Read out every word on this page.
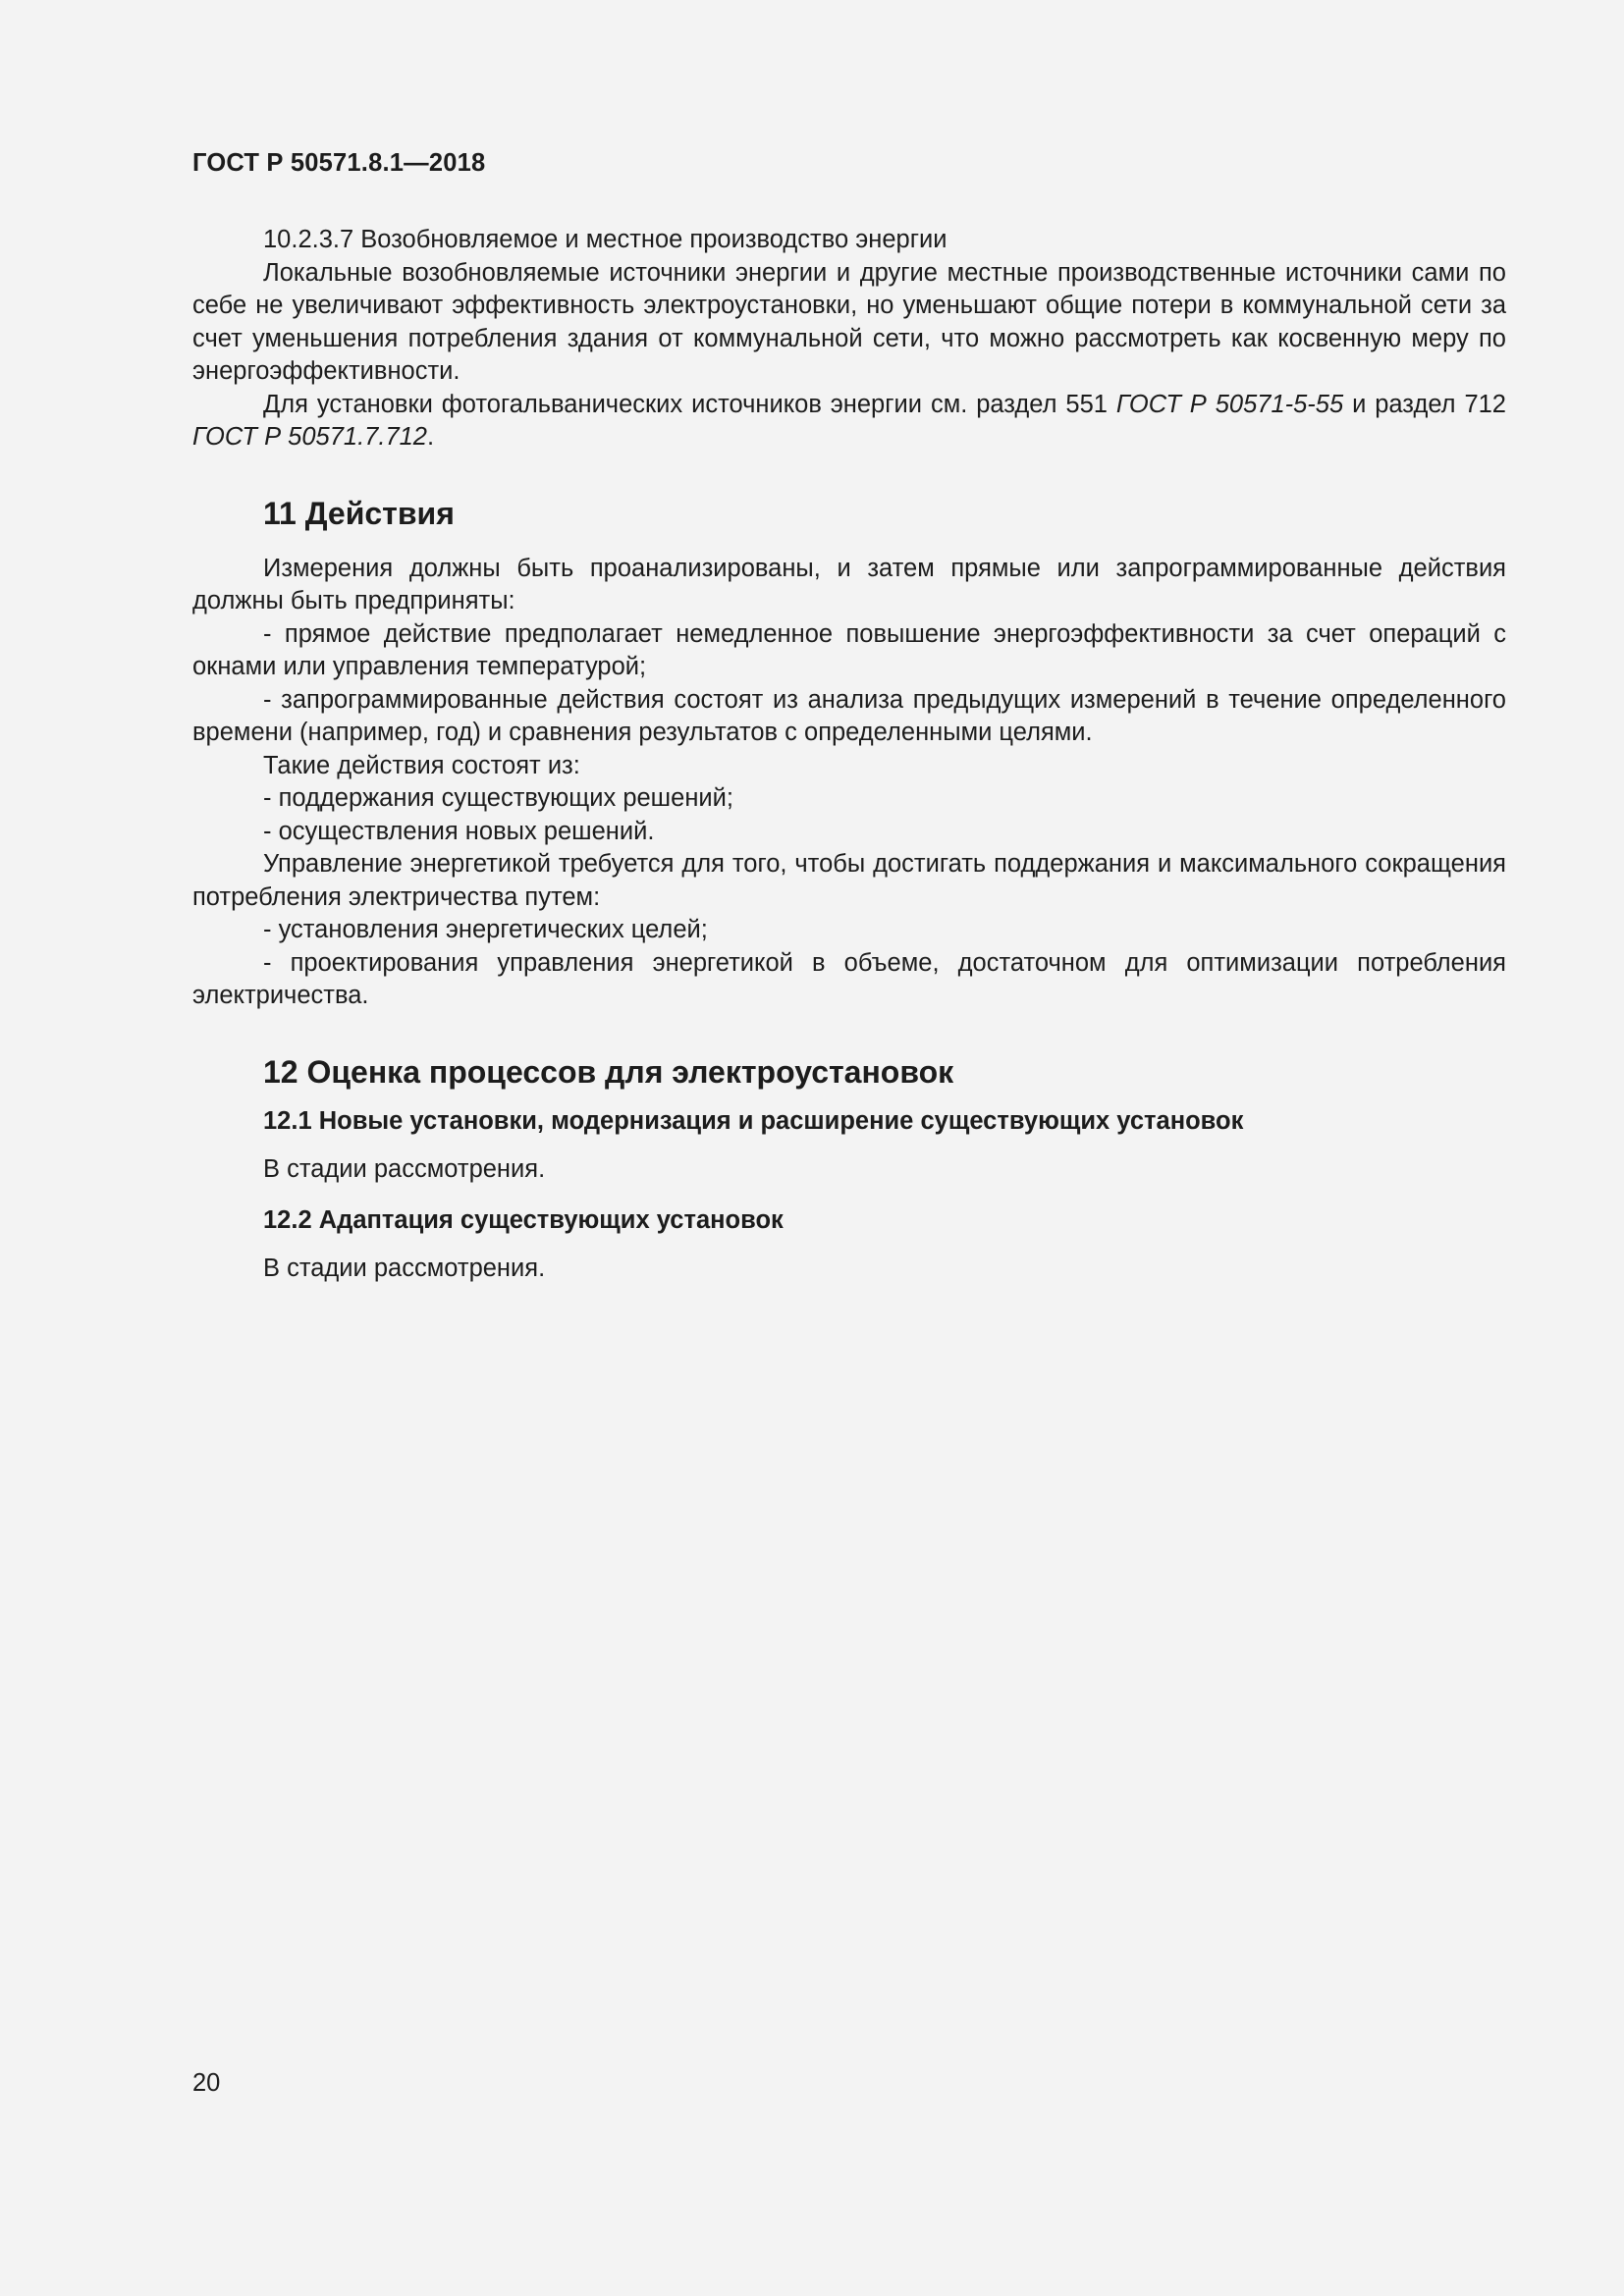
ГОСТ Р 50571.8.1—2018

10.2.3.7 Возобновляемое и местное производство энергии

Локальные возобновляемые источники энергии и другие местные производственные источники сами по себе не увеличивают эффективность электроустановки, но уменьшают общие потери в коммунальной сети за счет уменьшения потребления здания от коммунальной сети, что можно рассмотреть как косвенную меру по энергоэффективности.

Для установки фотогальванических источников энергии см. раздел 551 ГОСТ Р 50571-5-55 и раздел 712 ГОСТ Р 50571.7.712.

11 Действия

Измерения должны быть проанализированы, и затем прямые или запрограммированные действия должны быть предприняты:

- прямое действие предполагает немедленное повышение энергоэффективности за счет операций с окнами или управления температурой;

- запрограммированные действия состоят из анализа предыдущих измерений в течение определенного времени (например, год) и сравнения результатов с определенными целями.

Такие действия состоят из:

- поддержания существующих решений;

- осуществления новых решений.

Управление энергетикой требуется для того, чтобы достигать поддержания и максимального сокращения потребления электричества путем:

- установления энергетических целей;

- проектирования управления энергетикой в объеме, достаточном для оптимизации потребления электричества.

12 Оценка процессов для электроустановок
12.1 Новые установки, модернизация и расширение существующих установок

В стадии рассмотрения.

12.2 Адаптация существующих установок

В стадии рассмотрения.

20
